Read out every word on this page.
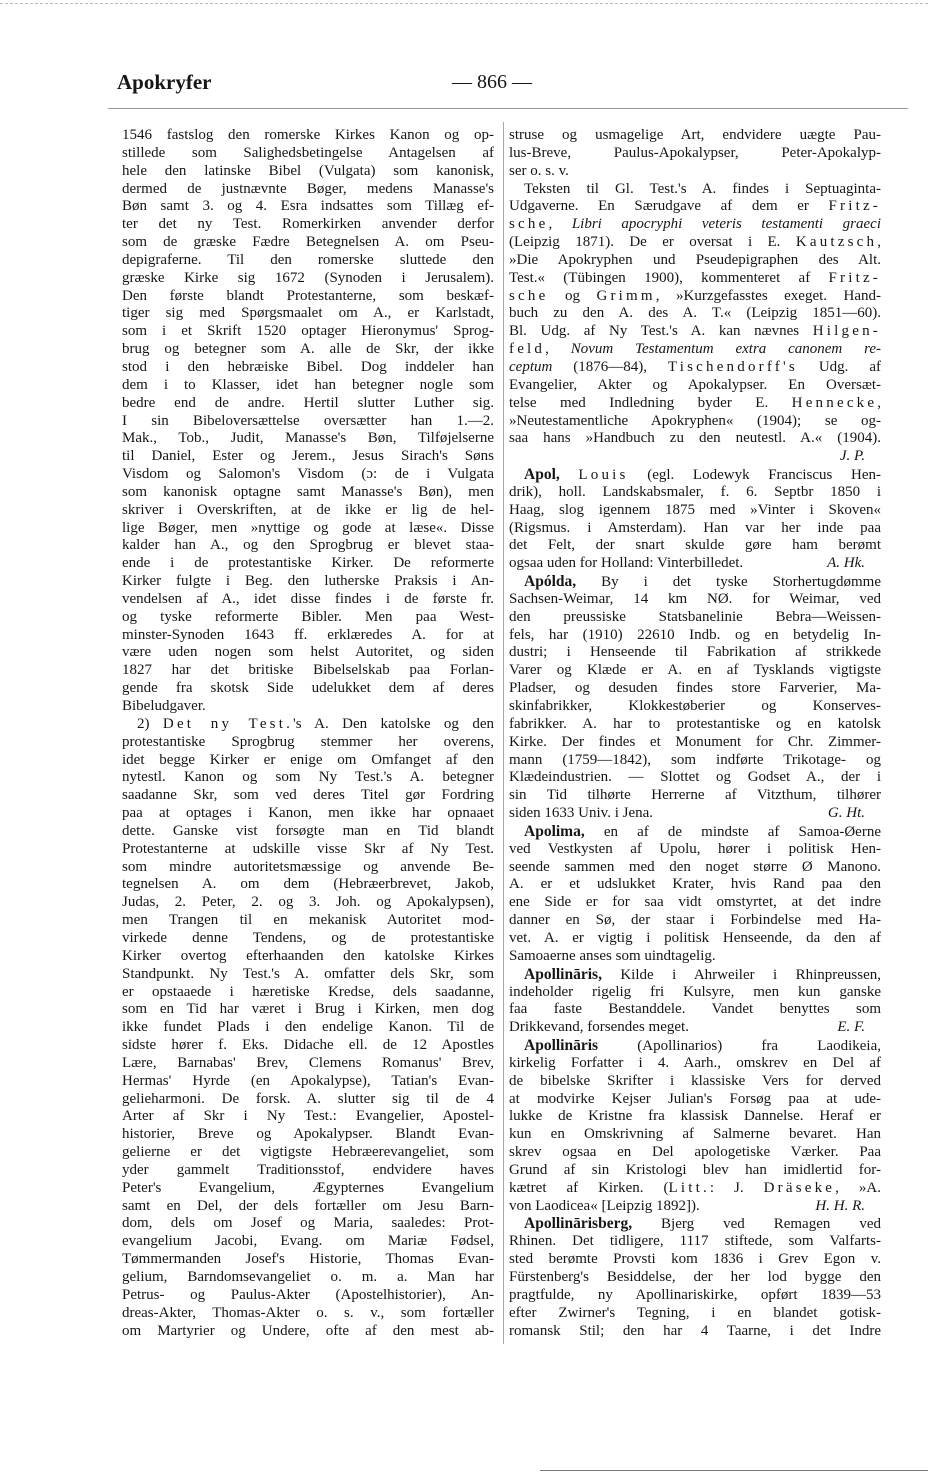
Apokryfer	— 866 —
1546 fastslog den romerske Kirkes Kanon og op-
stillede som Salighedsbetingelse Antagelsen af
hele den latinske Bibel (Vulgata) som kanonisk,
dermed de justnævnte Bøger, medens Manasse's
Bøn samt 3. og 4. Esra indsattes som Tillæg ef-
ter det ny Test. Romerkirken anvender derfor
som de græske Fædre Betegnelsen A. om Pseu-
depigraferne. Til den romerske sluttede den
græske Kirke sig 1672 (Synoden i Jerusalem).
Den første blandt Protestanterne, som beskæf-
tiger sig med Spørgsmaalet om A., er Karlstadt,
som i et Skrift 1520 optager Hieronymus' Sprog-
brug og betegner som A. alle de Skr, der ikke
stod i den hebræiske Bibel. Dog inddeler han
dem i to Klasser, idet han betegner nogle som
bedre end de andre. Hertil slutter Luther sig.
I sin Bibeloversættelse oversætter han 1.—2.
Mak., Tob., Judit, Manasse's Bøn, Tilføjelserne
til Daniel, Ester og Jerem., Jesus Sirach's Søns
Visdom og Salomon's Visdom (ɔ: de i Vulgata
som kanonisk optagne samt Manasse's Bøn), men
skriver i Overskriften, at de ikke er lig de hel-
lige Bøger, men »nyttige og gode at læse«. Disse
kalder han A., og den Sprogbrug er blevet staa-
ende i de protestantiske Kirker. De reformerte
Kirker fulgte i Beg. den lutherske Praksis i An-
vendelsen af A., idet disse findes i de første fr.
og tyske reformerte Bibler. Men paa West-
minster-Synoden 1643 ff. erklæredes A. for at
være uden nogen som helst Autoritet, og siden
1827 har det britiske Bibelselskab paa Forlan-
gende fra skotsk Side udelukket dem af deres
Bibeludgaver.
2) Det ny Test.'s A. Den katolske og den
protestantiske Sprogbrug stemmer her overens,
idet begge Kirker er enige om Omfanget af den
nytestl. Kanon og som Ny Test.'s A. betegner
saadanne Skr, som ved deres Titel gør Fordring
paa at optages i Kanon, men ikke har opnaaet
dette. Ganske vist forsøgte man en Tid blandt
Protestanterne at udskille visse Skr af Ny Test.
som mindre autoritetsmæssige og anvende Be-
tegnelsen A. om dem (Hebræerbrevet, Jakob,
Judas, 2. Peter, 2. og 3. Joh. og Apokalypsen),
men Trangen til en mekanisk Autoritet mod-
virkede denne Tendens, og de protestantiske
Kirker overtog efterhaanden den katolske Kirkes
Standpunkt. Ny Test.'s A. omfatter dels Skr, som
er opstaaede i hæretiske Kredse, dels saadanne,
som en Tid har været i Brug i Kirken, men dog
ikke fundet Plads i den endelige Kanon. Til de
sidste hører f. Eks. Didache ell. de 12 Apostles
Lære, Barnabas' Brev, Clemens Romanus' Brev,
Hermas' Hyrde (en Apokalypse), Tatian's Evan-
gelieharmoni. De forsk. A. slutter sig til de 4
Arter af Skr i Ny Test.: Evangelier, Apostel-
historier, Breve og Apokalypser. Blandt Evan-
gelierne er det vigtigste Hebræerevangeliet, som
yder gammelt Traditionsstof, endvidere haves
Peter's Evangelium, Ægypternes Evangelium
samt en Del, der dels fortæller om Jesu Barn-
dom, dels om Josef og Maria, saaledes: Prot-
evangelium Jacobi, Evang. om Mariæ Fødsel,
Tømmermanden Josef's Historie, Thomas Evan-
gelium, Barndomsevangeliet o. m. a. Man har
Petrus- og Paulus-Akter (Apostelhistorier), An-
dreas-Akter, Thomas-Akter o. s. v., som fortæller
om Martyrier og Undere, ofte af den mest ab-
struse og usmagelige Art, endvidere uægte Pau-
lus-Breve, Paulus-Apokalypser, Peter-Apokalyp-
ser o. s. v.
Teksten til Gl. Test.'s A. findes i Septuaginta-
Udgaverne. En Særudgave af dem er Fritz-
sche, Libri apocryphi veteris testamenti graeci
(Leipzig 1871). De er oversat i E. Kautzsch,
»Die Apokryphen und Pseudepigraphen des Alt.
Test.« (Tübingen 1900), kommenteret af Fritz-
sche og Grimm, »Kurzgefasstes exeget. Hand-
buch zu den A. des A. T.« (Leipzig 1851—60).
Bl. Udg. af Ny Test.'s A. kan nævnes Hilgen-
feld, Novum Testamentum extra canonem re-
ceptum (1876—84), Tischendorff's Udg. af
Evangelier, Akter og Apokalypser. En Oversæt-
telse med Indledning byder E. Hennecke,
»Neutestamentliche Apokryphen« (1904); se og-
saa hans »Handbuch zu den neutestl. A.« (1904).
J. P.
Apol, Louis (egl. Lodewyk Franciscus Hen-
drik), holl. Landskabsmaler, f. 6. Septbr 1850 i
Haag, slog igennem 1875 med »Vinter i Skoven«
(Rigsmus. i Amsterdam). Han var her inde paa
det Felt, der snart skulde gøre ham berømt
ogsaa uden for Holland: Vinterbilledet.	A. Hk.
Apólda, By i det tyske Storhertugdømme
Sachsen-Weimar, 14 km NØ. for Weimar, ved
den preussiske Statsbanelinie Bebra—Weissen-
fels, har (1910) 22610 Indb. og en betydelig In-
dustri; i Henseende til Fabrikation af strikkede
Varer og Klæde er A. en af Tysklands vigtigste
Pladser, og desuden findes store Farverier, Ma-
skinfabrikker, Klokkestøberier og Konserves-
fabrikker. A. har to protestantiske og en katolsk
Kirke. Der findes et Monument for Chr. Zimmer-
mann (1759—1842), som indførte Trikotage- og
Klædeindustrien. — Slottet og Godset A., der i
sin Tid tilhørte Herrerne af Vitzthum, tilhører
siden 1633 Univ. i Jena.	G. Ht.
Apolima, en af de mindste af Samoa-Øerne
ved Vestkysten af Upolu, hører i politisk Hen-
seende sammen med den noget større Ø Manono.
A. er et udslukket Krater, hvis Rand paa den
ene Side er for saa vidt omstyrtet, at det indre
danner en Sø, der staar i Forbindelse med Ha-
vet. A. er vigtig i politisk Henseende, da den af
Samoaerne anses som uindtagelig.
Apollināris, Kilde i Ahrweiler i Rhinpreussen,
indeholder rigelig fri Kulsyre, men kun ganske
faa faste Bestanddele. Vandet benyttes som
Drikkevand, forsendes meget.	E. F.
Apollināris (Apollinarios) fra Laodikeia,
kirkelig Forfatter i 4. Aarh., omskrev en Del af
de bibelske Skrifter i klassiske Vers for derved
at modvirke Kejser Julian's Forsøg paa at ude-
lukke de Kristne fra klassisk Dannelse. Heraf er
kun en Omskrivning af Salmerne bevaret. Han
skrev ogsaa en Del apologetiske Værker. Paa
Grund af sin Kristologi blev han imidlertid for-
kætret af Kirken. (Litt.: J. Dräseke, »A.
von Laodicea« [Leipzig 1892]).	H. H. R.
Apollinārisberg, Bjerg ved Remagen ved
Rhinen. Det tidligere, 1117 stiftede, som Valfarts-
sted berømte Provsti kom 1836 i Grev Egon v.
Fürstenberg's Besiddelse, der her lod bygge den
pragtfulde, ny Apollinariskirke, opført 1839—53
efter Zwirner's Tegning, i en blandet gotisk-
romansk Stil; den har 4 Taarne, i det Indre
